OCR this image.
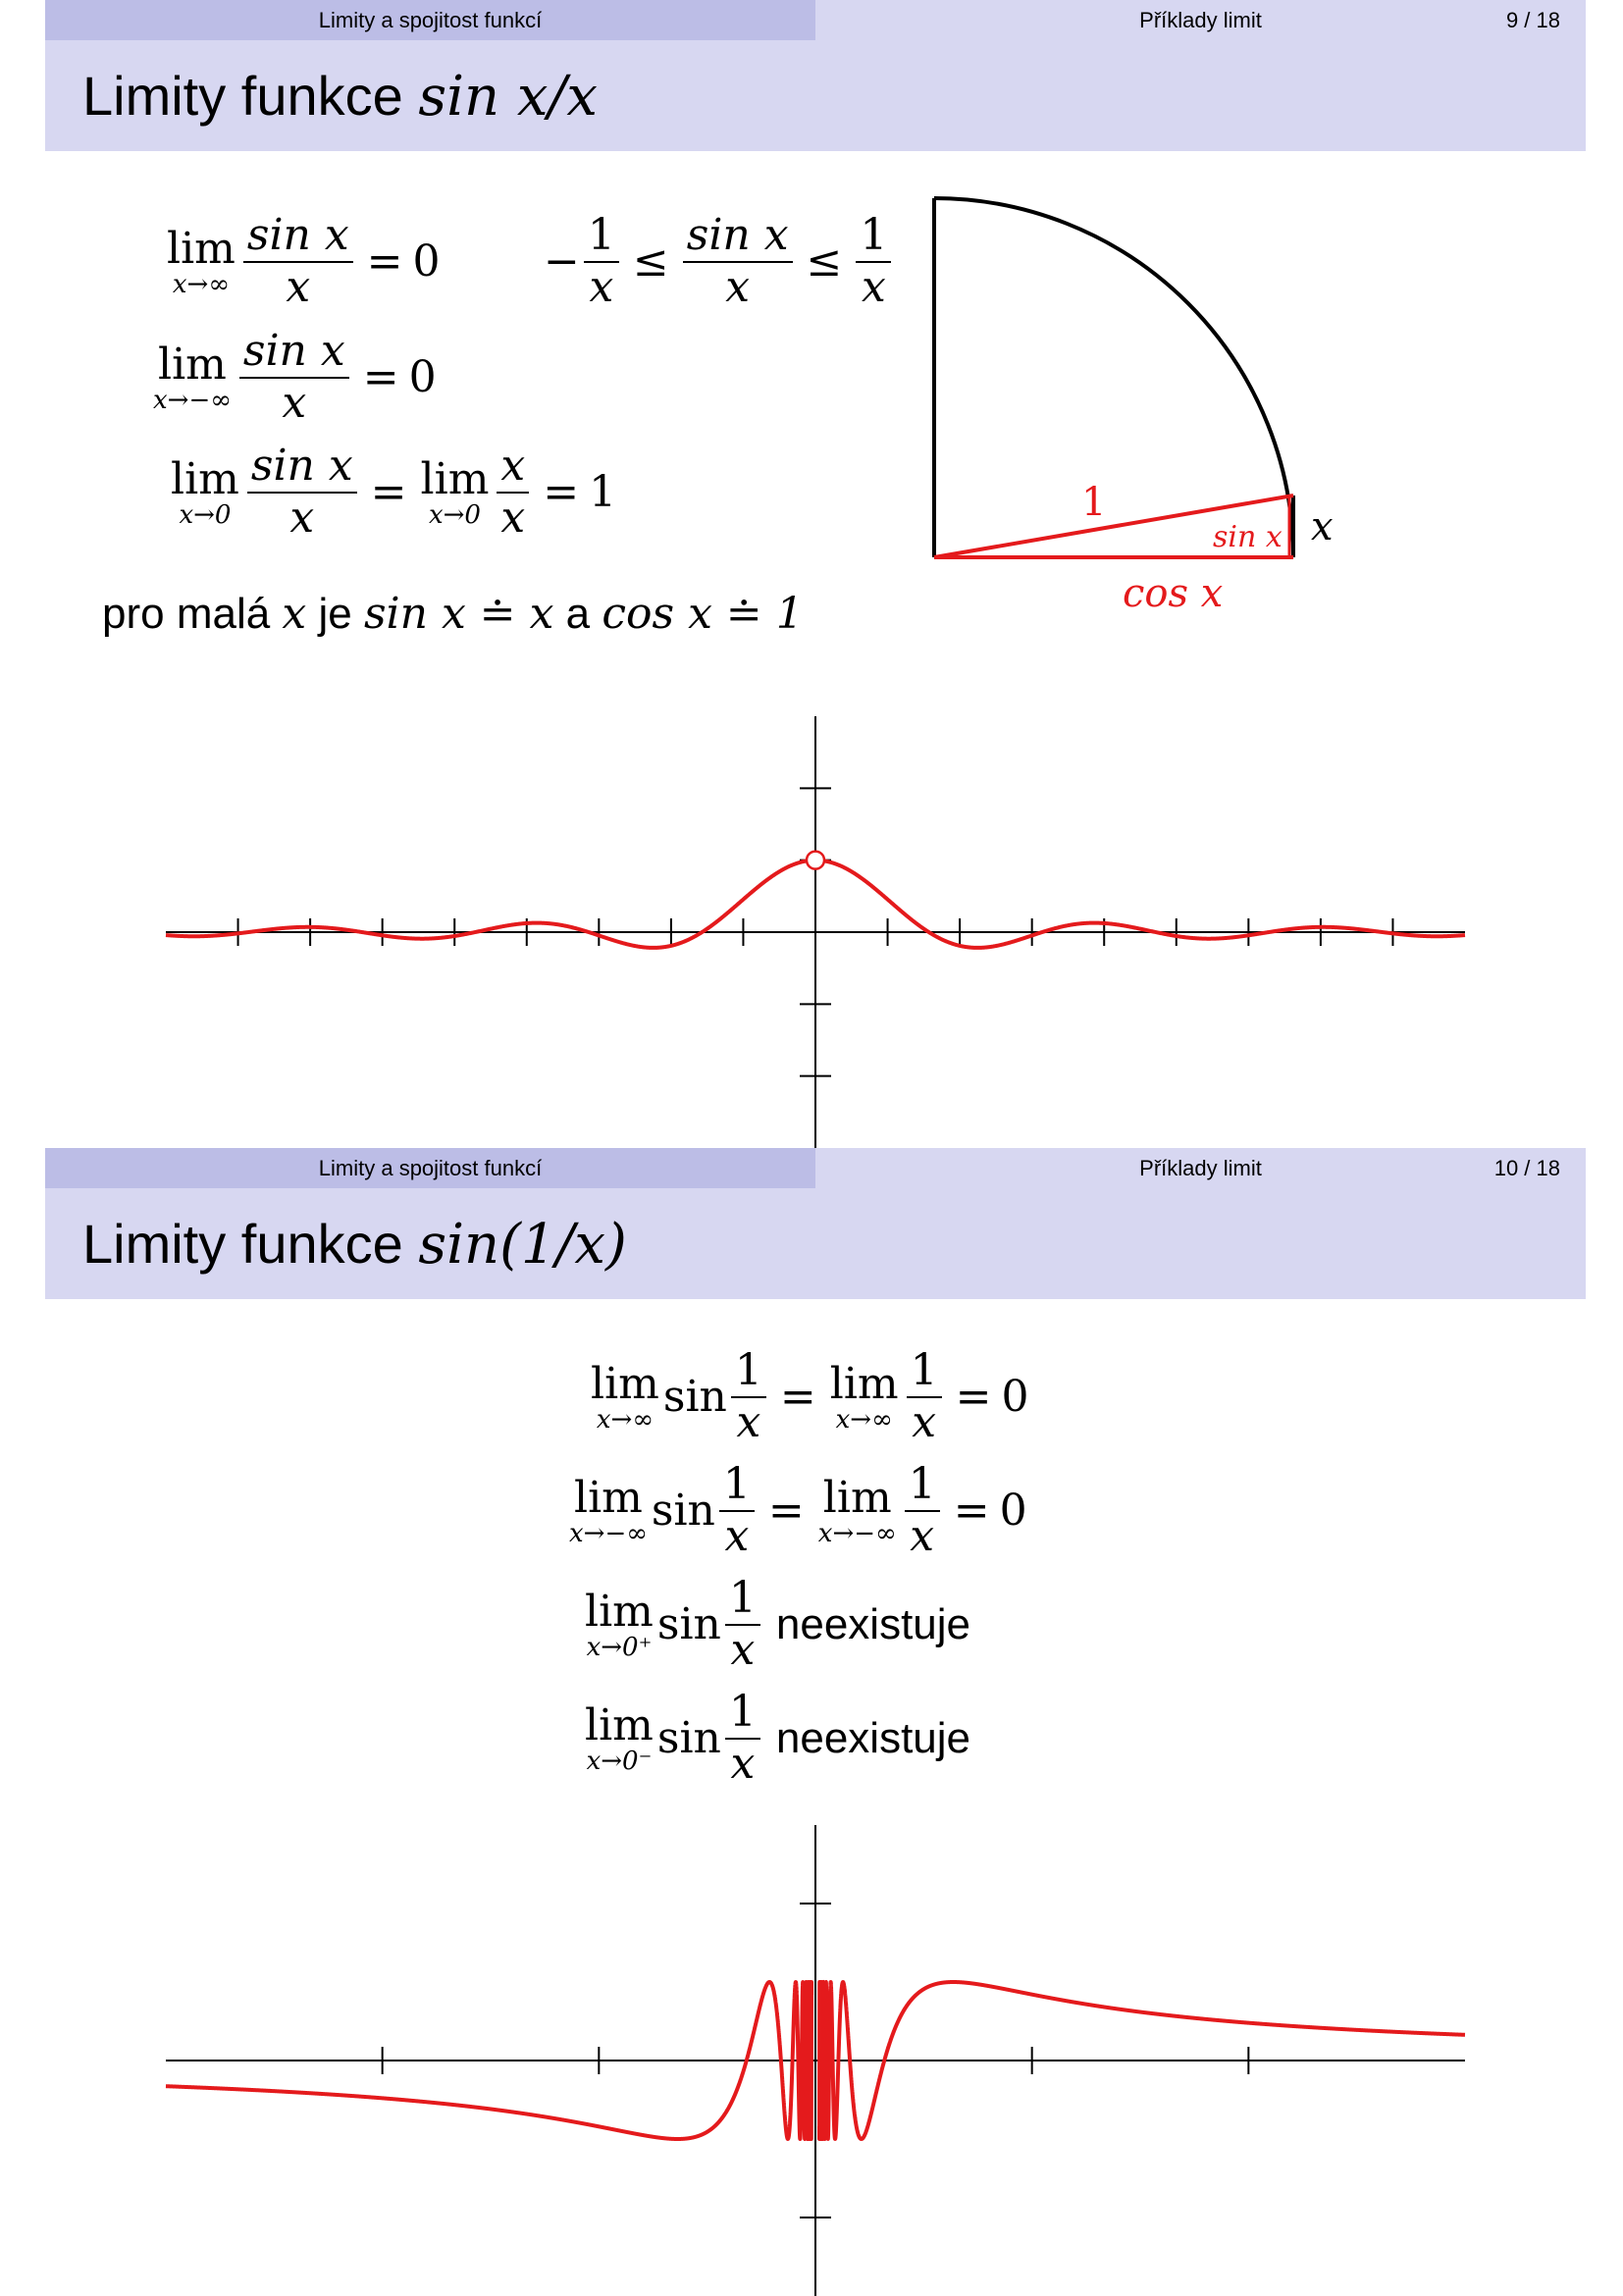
Limity a spojitost funkcí	Příklady limit	9 / 18
Limity funkce sin x/x
lim
$x\to\infty \frac{\text{sin x}}{x} = 0 - \frac{1}{x} \le \frac{\text{sin x}}{x} \le \frac{1}{x}$
lim
$x\to-\infty \frac{\text{sin x}}{x} = 0$
lim
$x\to 0 \frac{\text{sin x}}{x} = \lim$
$x\to 0 \frac{x}{x} = 1$
pro malá x je sin x ≐ x a cos x ≐ 1
1
sin x x
cos x
Limity a spojitost funkcí	Příklady limit	10 / 18
Limity funkce sin(1/x)
lim
x→∞ $\sin \frac{1}{x} = \lim$
$x\to\infty \frac{1}{x} = 0$
lim
x→−∞ $\sin \frac{1}{x} = \lim$
$x\to-\infty \frac{1}{x} = 0$
lim
x→0⁺ $\sin \frac{1}{x}$ neexistuje
lim
x→0⁻ $\sin \frac{1}{x}$ neexistuje
